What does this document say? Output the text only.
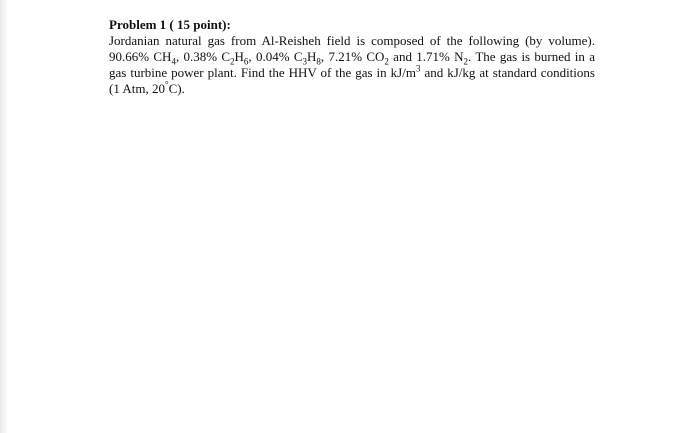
Problem 1 ( 15 point):

Jordanian natural gas from Al-Reisheh field is composed of the following (by volume). 90.66% $CH_4$, 0.38% $C_2H_6$, 0.04% $C_3H_8$, 7.21% $CO_2$ and 1.71% $N_2$. The gas is burned in a gas turbine power plant. Find the HHV of the gas in $kJ/m^3$ and kJ/kg at standard conditions (1 Atm, 20°C).
